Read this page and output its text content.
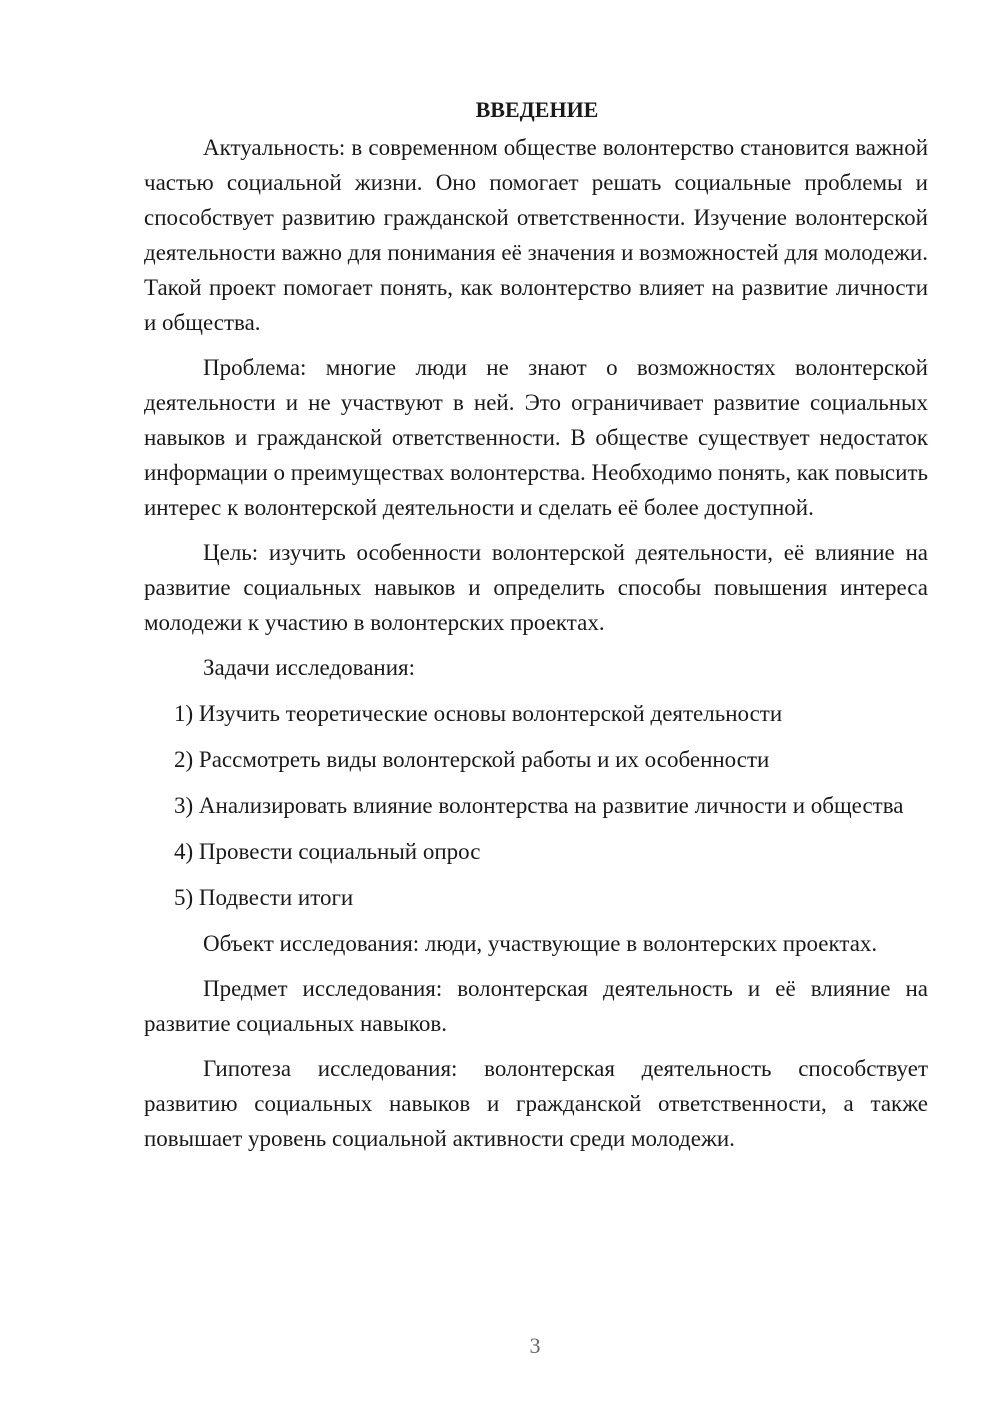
ВВЕДЕНИЕ

Актуальность: в современном обществе волонтерство становится важной частью социальной жизни. Оно помогает решать социальные проблемы и способствует развитию гражданской ответственности. Изучение волонтерской деятельности важно для понимания её значения и возможностей для молодежи. Такой проект помогает понять, как волонтерство влияет на развитие личности и общества.

Проблема: многие люди не знают о возможностях волонтерской деятельности и не участвуют в ней. Это ограничивает развитие социальных навыков и гражданской ответственности. В обществе существует недостаток информации о преимуществах волонтерства. Необходимо понять, как повысить интерес к волонтерской деятельности и сделать её более доступной.

Цель: изучить особенности волонтерской деятельности, её влияние на развитие социальных навыков и определить способы повышения интереса молодежи к участию в волонтерских проектах.

Задачи исследования:

1) Изучить теоретические основы волонтерской деятельности

2) Рассмотреть виды волонтерской работы и их особенности

3) Анализировать влияние волонтерства на развитие личности и общества

4) Провести социальный опрос

5) Подвести итоги

Объект исследования: люди, участвующие в волонтерских проектах.

Предмет исследования: волонтерская деятельность и её влияние на развитие социальных навыков.

Гипотеза исследования: волонтерская деятельность способствует развитию социальных навыков и гражданской ответственности, а также повышает уровень социальной активности среди молодежи.

3
